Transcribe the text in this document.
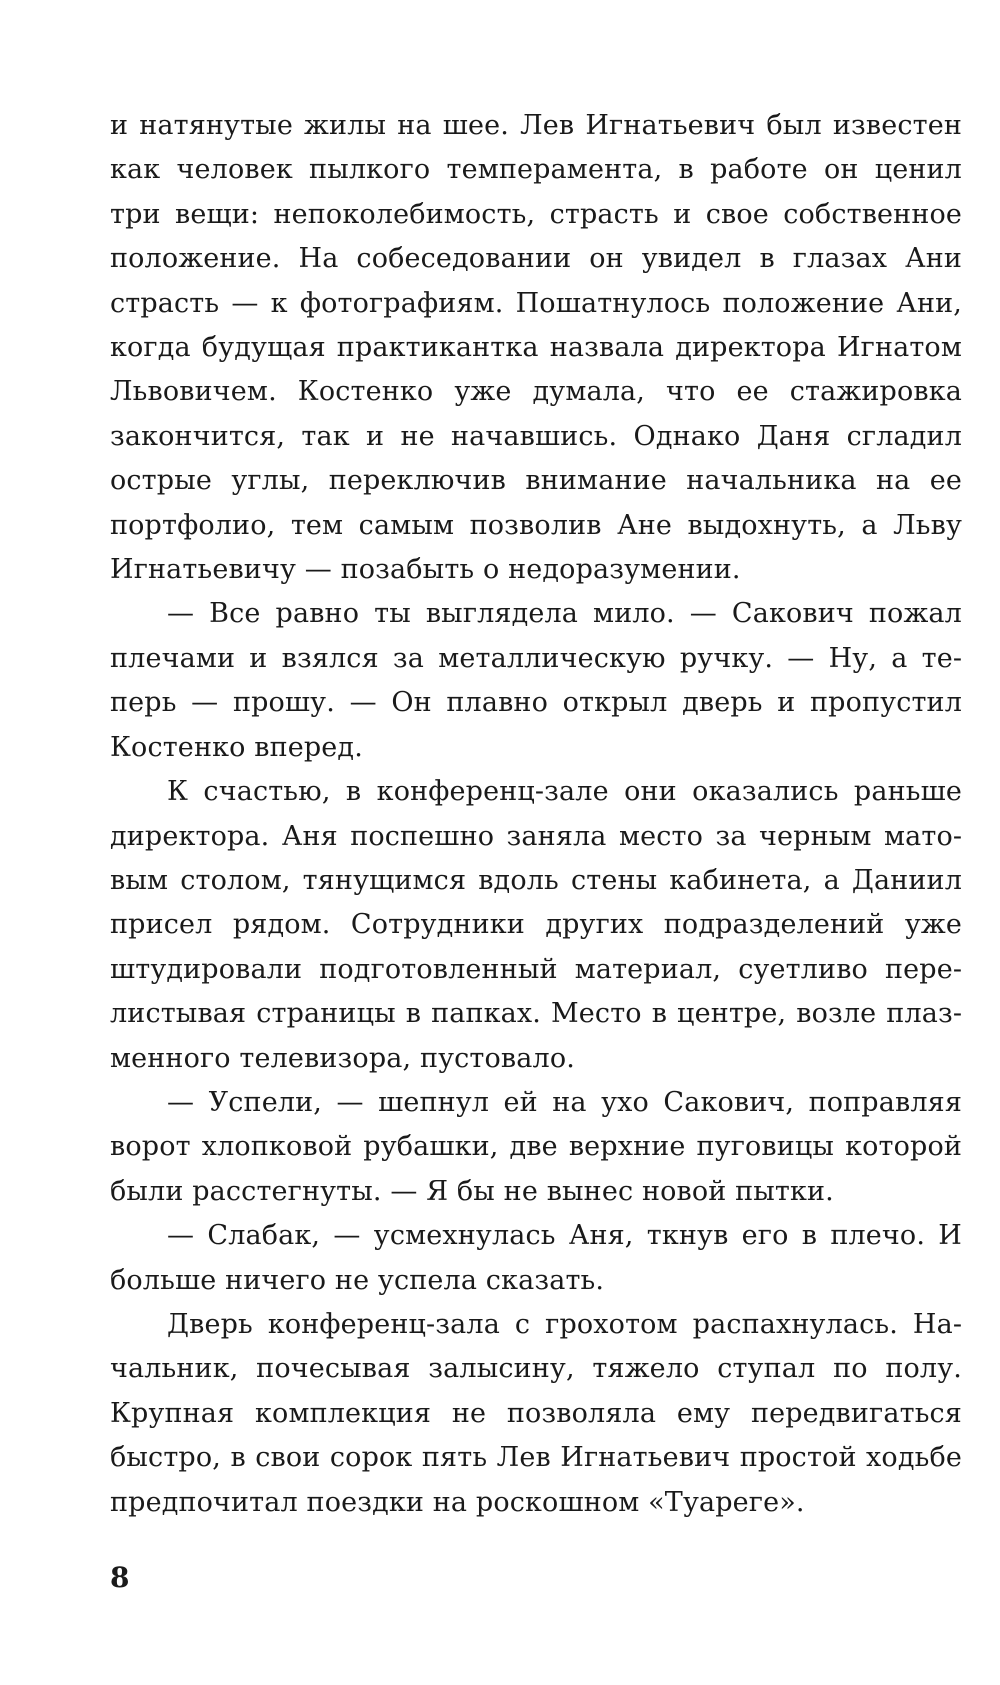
и натянутые жилы на шее. Лев Игнатьевич был известен как человек пылкого темперамента, в работе он ценил три вещи: непоколебимость, страсть и свое собственное положение. На собеседовании он увидел в глазах Ани страсть — к фотографиям. Пошатнулось положение Ани, когда будущая практикантка назвала директора Игнатом Львовичем. Костенко уже думала, что ее стажировка закончится, так и не начавшись. Однако Даня сгладил острые углы, переключив внимание начальника на ее портфолио, тем самым позволив Ане выдохнуть, а Льву Игнатьевичу — позабыть о недоразумении.

— Все равно ты выглядела мило. — Сакович пожал плечами и взялся за металлическую ручку. — Ну, а теперь — прошу. — Он плавно открыл дверь и пропустил Костенко вперед.

К счастью, в конференц-зале они оказались раньше директора. Аня поспешно заняла место за черным матовым столом, тянущимся вдоль стены кабинета, а Даниил присел рядом. Сотрудники других подразделений уже штудировали подготовленный материал, суетливо перелистывая страницы в папках. Место в центре, возле плазменного телевизора, пустовало.

— Успели, — шепнул ей на ухо Сакович, поправляя ворот хлопковой рубашки, две верхние пуговицы которой были расстегнуты. — Я бы не вынес новой пытки.

— Слабак, — усмехнулась Аня, ткнув его в плечо. И больше ничего не успела сказать.

Дверь конференц-зала с грохотом распахнулась. Начальник, почесывая залысину, тяжело ступал по полу. Крупная комплекция не позволяла ему передвигаться быстро, в свои сорок пять Лев Игнатьевич простой ходьбе предпочитал поездки на роскошном «Туареге».

8
